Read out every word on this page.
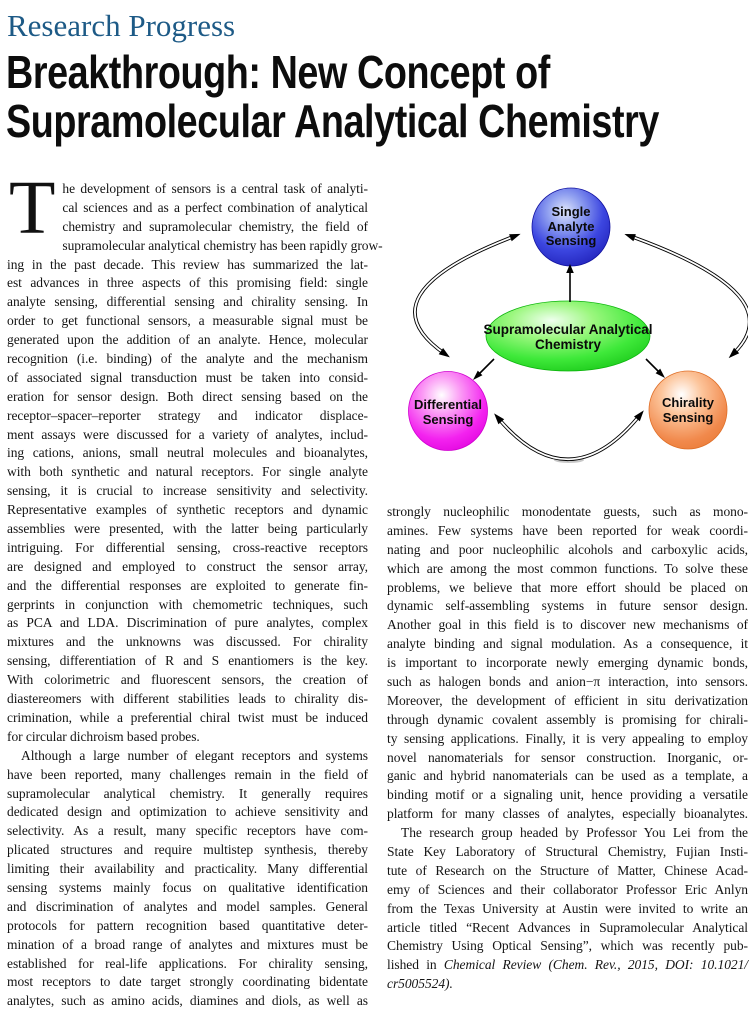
Research Progress
Breakthrough: New Concept of
Supramolecular Analytical Chemistry
T he development of sensors is a central task of analyti-
cal sciences and as a perfect combination of analytical
chemistry and supramolecular chemistry, the field of
supramolecular analytical chemistry has been rapidly grow-
ing in the past decade. This review has summarized the lat-
est advances in three aspects of this promising field: single
analyte sensing, differential sensing and chirality sensing. In
order to get functional sensors, a measurable signal must be
generated upon the addition of an analyte. Hence, molecular
recognition (i.e. binding) of the analyte and the mechanism
of associated signal transduction must be taken into consid-
eration for sensor design. Both direct sensing based on the
receptor–spacer–reporter strategy and indicator displace-
ment assays were discussed for a variety of analytes, includ-
ing cations, anions, small neutral molecules and bioanalytes,
with both synthetic and natural receptors. For single analyte
sensing, it is crucial to increase sensitivity and selectivity.
Representative examples of synthetic receptors and dynamic
assemblies were presented, with the latter being particularly
intriguing. For differential sensing, cross-reactive receptors
are designed and employed to construct the sensor array,
and the differential responses are exploited to generate fin-
gerprints in conjunction with chemometric techniques, such
as PCA and LDA. Discrimination of pure analytes, complex
mixtures and the unknowns was discussed. For chirality
sensing, differentiation of R and S enantiomers is the key.
With colorimetric and fluorescent sensors, the creation of
diastereomers with different stabilities leads to chirality dis-
crimination, while a preferential chiral twist must be induced
for circular dichroism based probes.
Although a large number of elegant receptors and systems
have been reported, many challenges remain in the field of
supramolecular analytical chemistry. It generally requires
dedicated design and optimization to achieve sensitivity and
selectivity. As a result, many specific receptors have com-
plicated structures and require multistep synthesis, thereby
limiting their availability and practicality. Many differential
sensing systems mainly focus on qualitative identification
and discrimination of analytes and model samples. General
protocols for pattern recognition based quantitative deter-
mination of a broad range of analytes and mixtures must be
established for real-life applications. For chirality sensing,
most receptors to date target strongly coordinating bidentate
analytes, such as amino acids, diamines and diols, as well as
Single
Analyte
Sensing
Supramolecular Analytical
Chemistry
Differential
Sensing
Chirality
Sensing
strongly nucleophilic monodentate guests, such as mono-
amines. Few systems have been reported for weak coordi-
nating and poor nucleophilic alcohols and carboxylic acids,
which are among the most common functions. To solve these
problems, we believe that more effort should be placed on
dynamic self-assembling systems in future sensor design.
Another goal in this field is to discover new mechanisms of
analyte binding and signal modulation. As a consequence, it
is important to incorporate newly emerging dynamic bonds,
such as halogen bonds and anion−π interaction, into sensors.
Moreover, the development of efficient in situ derivatization
through dynamic covalent assembly is promising for chirali-
ty sensing applications. Finally, it is very appealing to employ
novel nanomaterials for sensor construction. Inorganic, or-
ganic and hybrid nanomaterials can be used as a template, a
binding motif or a signaling unit, hence providing a versatile
platform for many classes of analytes, especially bioanalytes.
The research group headed by Professor You Lei from the
State Key Laboratory of Structural Chemistry, Fujian Insti-
tute of Research on the Structure of Matter, Chinese Acad-
emy of Sciences and their collaborator Professor Eric Anlyn
from the Texas University at Austin were invited to write an
article titled “Recent Advances in Supramolecular Analytical
Chemistry Using Optical Sensing”, which was recently pub-
lished in Chemical Review (Chem. Rev., 2015, DOI: 10.1021/
cr5005524).
